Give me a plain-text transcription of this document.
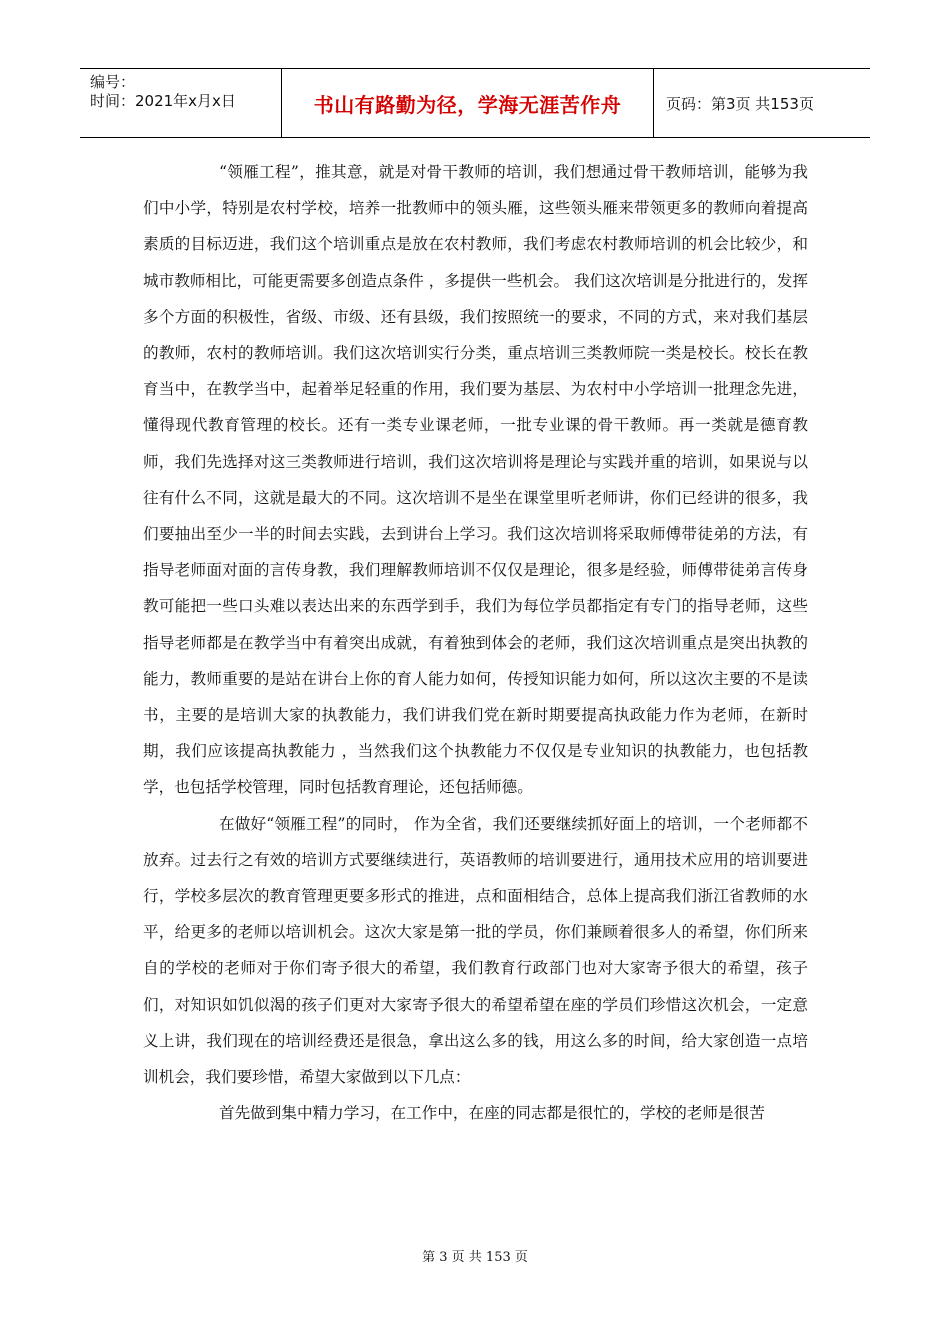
编号：
时间：2021年x月x日	书山有路勤为径，学海无涯苦作舟	页码：第3页 共153页

“领雁工程”，推其意，就是对骨干教师的培训，我们想通过骨干教师培训，能够为我们中小学，特别是农村学校，培养一批教师中的领头雁，这些领头雁来带领更多的教师向着提高素质的目标迈进，我们这个培训重点是放在农村教师，我们考虑农村教师培训的机会比较少，和城市教师相比，可能更需要多创造点条件 ，多提供一些机会。 我们这次培训是分批进行的，发挥多个方面的积极性，省级、市级、还有县级，我们按照统一的要求，不同的方式，来对我们基层的教师，农村的教师培训。我们这次培训实行分类，重点培训三类教师院一类是校长。校长在教育当中，在教学当中，起着举足轻重的作用，我们要为基层、为农村中小学培训一批理念先进，懂得现代教育管理的校长。还有一类专业课老师，一批专业课的骨干教师。再一类就是德育教师，我们先选择对这三类教师进行培训，我们这次培训将是理论与实践并重的培训，如果说与以往有什么不同，这就是最大的不同。这次培训不是坐在课堂里听老师讲，你们已经讲的很多，我们要抽出至少一半的时间去实践，去到讲台上学习。我们这次培训将采取师傅带徒弟的方法，有指导老师面对面的言传身教，我们理解教师培训不仅仅是理论，很多是经验，师傅带徒弟言传身教可能把一些口头难以表达出来的东西学到手，我们为每位学员都指定有专门的指导老师，这些指导老师都是在教学当中有着突出成就，有着独到体会的老师，我们这次培训重点是突出执教的能力，教师重要的是站在讲台上你的育人能力如何，传授知识能力如何，所以这次主要的不是读书，主要的是培训大家的执教能力，我们讲我们党在新时期要提高执政能力作为老师，在新时期，我们应该提高执教能力 ，当然我们这个执教能力不仅仅是专业知识的执教能力，也包括教学，也包括学校管理，同时包括教育理论，还包括师德。

在做好“领雁工程”的同时， 作为全省，我们还要继续抓好面上的培训，一个老师都不放弃。过去行之有效的培训方式要继续进行，英语教师的培训要进行，通用技术应用的培训要进行，学校多层次的教育管理更要多形式的推进，点和面相结合，总体上提高我们浙江省教师的水平，给更多的老师以培训机会。这次大家是第一批的学员，你们兼顾着很多人的希望，你们所来自的学校的老师对于你们寄予很大的希望，我们教育行政部门也对大家寄予很大的希望，孩子们，对知识如饥似渴的孩子们更对大家寄予很大的希望希望在座的学员们珍惜这次机会，一定意义上讲，我们现在的培训经费还是很急，拿出这么多的钱，用这么多的时间，给大家创造一点培训机会，我们要珍惜，希望大家做到以下几点：

首先做到集中精力学习，在工作中，在座的同志都是很忙的，学校的老师是很苦

第 3 页 共 153 页
